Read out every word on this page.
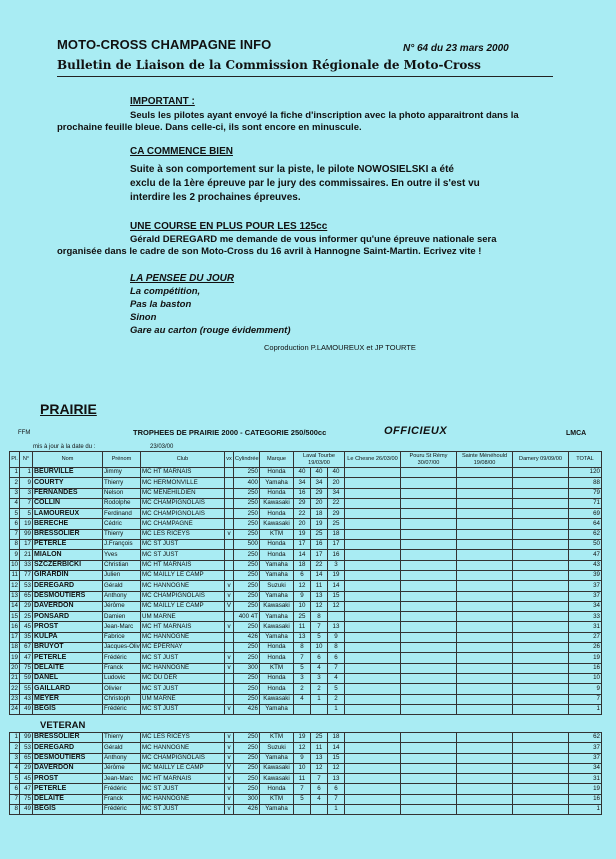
MOTO-CROSS CHAMPAGNE INFO	N° 64 du 23 mars 2000
Bulletin de Liaison de la Commission Régionale de Moto-Cross
IMPORTANT :
Seuls les pilotes ayant envoyé la fiche d'inscription avec la photo apparaitront dans la
prochaine feuille bleue. Dans celle-ci, ils sont encore en minuscule.
CA COMMENCE BIEN
Suite à son comportement sur la piste, le pilote NOWOSIELSKI a été
exclu de la 1ère épreuve par le jury des commissaires. En outre il s'est vu
interdire les 2 prochaines épreuves.
UNE COURSE EN PLUS POUR LES 125cc
Gérald DEREGARD me demande de vous informer qu'une épreuve nationale sera
organisée dans le cadre de son Moto-Cross du 16 avril à Hannogne Saint-Martin. Ecrivez vite !
LA PENSEE DU JOUR
La compétition,
Pas la baston
Sinon
Gare au carton (rouge évidemment)
Coproduction P.LAMOUREUX et JP TOURTE
PRAIRIE
FFM	TROPHEES DE PRAIRIE 2000 - CATEGORIE 250/500cc	OFFICIEUX	LMCA
mis à jour à la date du :	23/03/00
Pl.	N°	Nom	Prénom	Club	vx	Cylindrée	Marque	Laval Tourbe 19/03/00			Le Chesne 26/03/00	Pouru St Rémy 30/07/00	Sainte Ménéhould 19/08/00	Damery 09/09/00	TOTAL
1	1	BEURVILLE	Jimmy	MC HT MARNAIS		250	Honda	40	40	40					120
2	9	COURTY	Thierry	MC HERMONVILLE		400	Yamaha	34	34	20					88
3	3	FERNANDES	Nelson	MC MENEHILDIEN		250	Honda	16	29	34					79
4	7	COLLIN	Rodolphe	MC CHAMPIGNOLAIS		250	Kawasaki	29	20	22					71
5	5	LAMOUREUX	Ferdinand	MC CHAMPIGNOLAIS		250	Honda	22	18	29					69
6	19	BERECHE	Cédric	MC CHAMPAGNE		250	Kawasaki	20	19	25					64
7	99	BRESSOLIER	Thierry	MC LES RICEYS	v	250	KTM	19	25	18					62
8	17	PETERLE	J.François	MC ST JUST		500	Honda	17	16	17					50
9	21	MIALON	Yves	MC ST JUST		250	Honda	14	17	16					47
10	33	SZCZERBICKI	Christian	MC HT MARNAIS		250	Yamaha	18	22	3					43
11	77	GIRARDIN	Julien	MC MAILLY LE CAMP		250	Yamaha	6	14	19					39
12	53	DEREGARD	Gérald	MC HANNOGNE	v	250	Suzuki	12	11	14					37
13	65	DESMOUTIERS	Anthony	MC CHAMPIGNOLAIS	v	250	Yamaha	9	13	15					37
14	29	DAVERDON	Jérôme	MC MAILLY LE CAMP	V	250	Kawasaki	10	12	12					34
15	25	PONSARD	Damien	UM MARNE		400 4T	Yamaha	25	8						33
16	45	PROST	Jean-Marc	MC HT MARNAIS	v	250	Kawasaki	11	7	13					31
17	35	KULPA	Fabrice	MC HANNOGNE		426	Yamaha	13	5	9					27
18	67	BRUYOT	Jacques-Oliv	MC EPERNAY		250	Honda	8	10	8					26
19	47	PETERLE	Frédéric	MC ST JUST	v	250	Honda	7	6	6					19
20	75	DELAITE	Franck	MC HANNOGNE	v	300	KTM	5	4	7					16
21	59	DANEL	Ludovic	MC DU DER		250	Honda	3	3	4					10
22	55	GAILLARD	Olivier	MC ST JUST		250	Honda	2	2	5					9
23	43	MEYER	Christoph	UM MARNE		250	Kawasaki	4	1	2					7
24	49	BEGIS	Frédéric	MC ST JUST	v	426	Yamaha			1					1
VETERAN
1	99	BRESSOLIER	Thierry	MC LES RICEYS	v	250	KTM	19	25	18					62
2	53	DEREGARD	Gérald	MC HANNOGNE	v	250	Suzuki	12	11	14					37
3	65	DESMOUTIERS	Anthony	MC CHAMPIGNOLAIS	v	250	Yamaha	9	13	15					37
4	29	DAVERDON	Jérôme	MC MAILLY LE CAMP	V	250	Kawasaki	10	12	12					34
5	45	PROST	Jean-Marc	MC HT MARNAIS	v	250	Kawasaki	11	7	13					31
6	47	PETERLE	Frédéric	MC ST JUST	v	250	Honda	7	6	6					19
7	75	DELAITE	Franck	MC HANNOGNE	v	300	KTM	5	4	7					16
8	49	BEGIS	Frédéric	MC ST JUST	v	426	Yamaha			1					1
